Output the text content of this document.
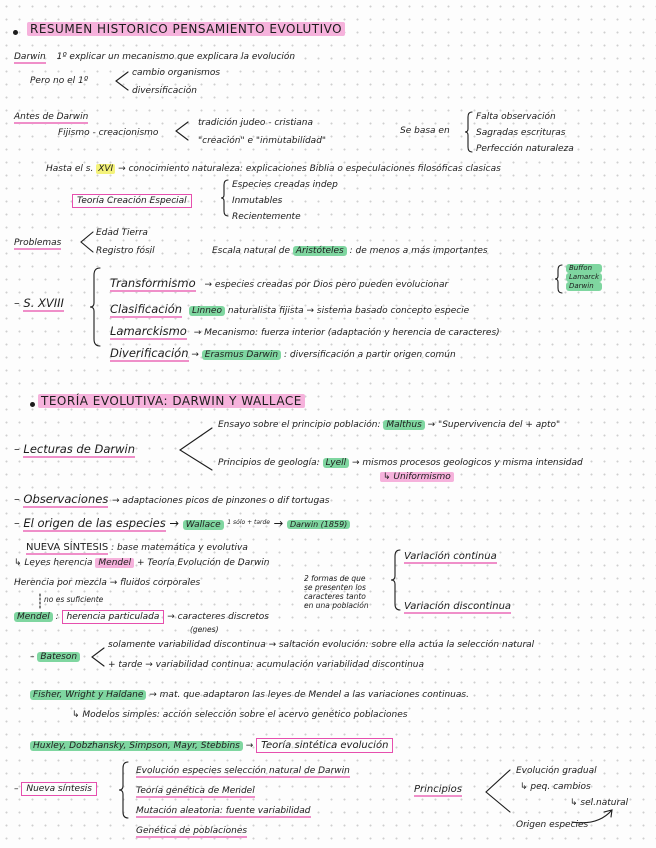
RESUMEN HISTORICO PENSAMIENTO EVOLUTIVO
Darwin 1º explicar un mecanismo que explicara la evolución
Pero no el 1º
cambio organismos
diversificación
Antes de Darwin
Fijismo - creacionismo
tradición judeo - cristiana
"creación" e "inmutabilidad"
Se basa en
Falta observación
Sagradas escrituras
Perfección naturaleza
Hasta el s. XVI → conocimiento naturaleza: explicaciones Biblia o especulaciones filosóficas clasicas
Teoría Creación Especial
Especies creadas indep
Inmutables
Recientemente
Problemas
Edad Tierra
Registro fósil	Escala natural de Aristóteles : de menos a más importantes
– S. XVIII
Transformismo → especies creadas por Dios pero pueden evolucionar
Clasificación Linneo naturalista fijista → sistema basado concepto especie
Lamarckismo → Mecanismo: fuerza interior (adaptación y herencia de caracteres)
Diverificación → Erasmus Darwin : diversificación a partir origen común
Buffon
Lamarck
Darwin
TEORÍA EVOLUTIVA: DARWIN Y WALLACE
– Lecturas de Darwin
Ensayo sobre el principio población: Malthus → "Supervivencia del + apto"
Principios de geología: Lyell → mismos procesos geologicos y misma intensidad
↳ Uniformismo
– Observaciones → adaptaciones picos de pinzones o dif tortugas
– El origen de las especies → Wallace $^{1 sólo + tarde}$ → Darwin (1859)
NUEVA SÍNTESIS : base matemática y evolutiva
↳ Leyes herencia Mendel + Teoría Evolución de Darwin
Herencia por mezcla → fluidos corporales
no es suficiente
Mendel : herencia particulada → caracteres discretos
(genes)
2 formas de que
se presenten los
caracteres tanto
en una población
Variación continua
Variación discontinua
– Bateson
solamente variabilidad discontinua → saltación evolución: sobre ella actúa la selección natural
+ tarde → variabilidad continua: acumulación variabilidad discontinua
Fisher, Wright y Haldane → mat. que adaptaron las leyes de Mendel a las variaciones continuas.
↳ Modelos simples: acción selección sobre el acervo genético poblaciones
Huxley, Dobzhansky, Simpson, Mayr, Stebbins → Teoría sintética evolución
– Nueva síntesis
Evolución especies selección natural de Darwin
Teoría genética de Mendel
Mutación aleatoria: fuente variabilidad
Genética de poblaciones
Principios
Evolución gradual
↳ peq. cambios
↳ sel.natural
Origen especies
